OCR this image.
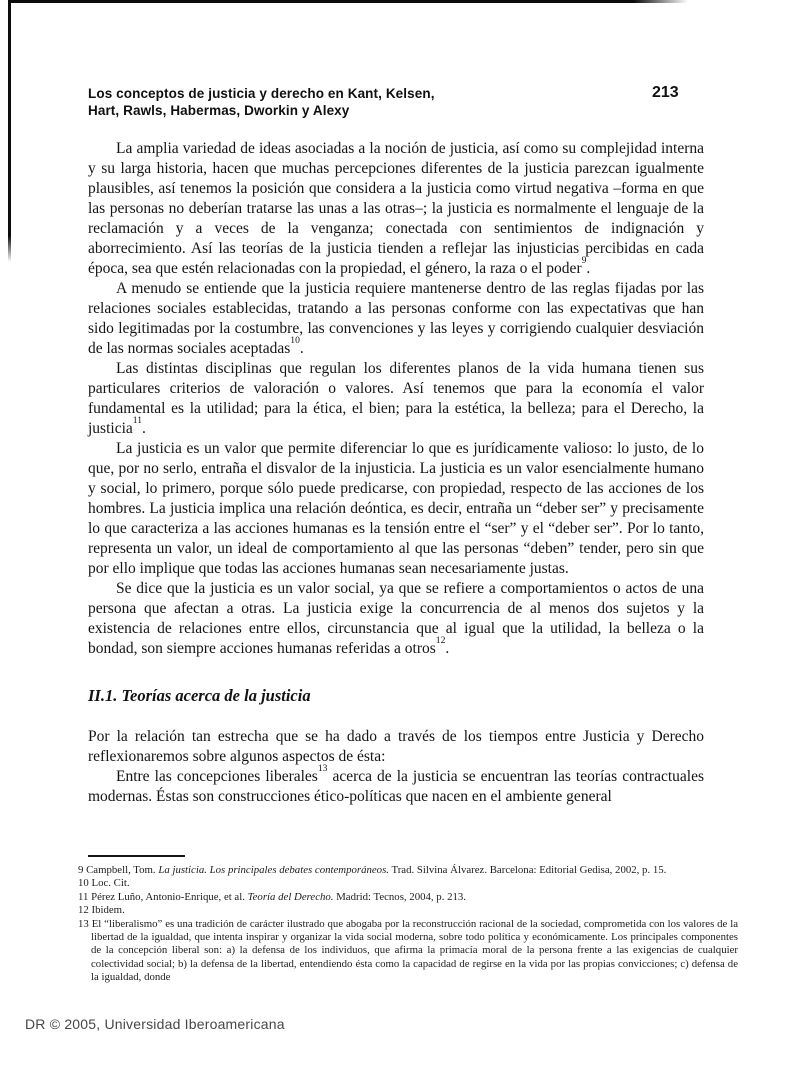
Los conceptos de justicia y derecho en Kant, Kelsen,
Hart, Rawls, Habermas, Dworkin y Alexy
213

La amplia variedad de ideas asociadas a la noción de justicia, así como su complejidad interna y su larga historia, hacen que muchas percepciones diferentes de la justicia parezcan igualmente plausibles, así tenemos la posición que considera a la justicia como virtud negativa –forma en que las personas no deberían tratarse las unas a las otras–; la justicia es normalmente el lenguaje de la reclamación y a veces de la venganza; conectada con sentimientos de indignación y aborrecimiento. Así las teorías de la justicia tienden a reflejar las injusticias percibidas en cada época, sea que estén relacionadas con la propiedad, el género, la raza o el poder$^9$.

A menudo se entiende que la justicia requiere mantenerse dentro de las reglas fijadas por las relaciones sociales establecidas, tratando a las personas conforme con las expectativas que han sido legitimadas por la costumbre, las convenciones y las leyes y corrigiendo cualquier desviación de las normas sociales aceptadas$^{10}$.

Las distintas disciplinas que regulan los diferentes planos de la vida humana tienen sus particulares criterios de valoración o valores. Así tenemos que para la economía el valor fundamental es la utilidad; para la ética, el bien; para la estética, la belleza; para el Derecho, la justicia$^{11}$.

La justicia es un valor que permite diferenciar lo que es jurídicamente valioso: lo justo, de lo que, por no serlo, entraña el disvalor de la injusticia. La justicia es un valor esencialmente humano y social, lo primero, porque sólo puede predicarse, con propiedad, respecto de las acciones de los hombres. La justicia implica una relación deóntica, es decir, entraña un “deber ser” y precisamente lo que caracteriza a las acciones humanas es la tensión entre el “ser” y el “deber ser”. Por lo tanto, representa un valor, un ideal de comportamiento al que las personas “deben” tender, pero sin que por ello implique que todas las acciones humanas sean necesariamente justas.

Se dice que la justicia es un valor social, ya que se refiere a comportamientos o actos de una persona que afectan a otras. La justicia exige la concurrencia de al menos dos sujetos y la existencia de relaciones entre ellos, circunstancia que al igual que la utilidad, la belleza o la bondad, son siempre acciones humanas referidas a otros$^{12}$.

II.1. Teorías acerca de la justicia

Por la relación tan estrecha que se ha dado a través de los tiempos entre Justicia y Derecho reflexionaremos sobre algunos aspectos de ésta:

Entre las concepciones liberales$^{13}$ acerca de la justicia se encuentran las teorías contractuales modernas. Éstas son construcciones ético-políticas que nacen en el ambiente general

9 Campbell, Tom. La justicia. Los principales debates contemporáneos. Trad. Silvina Álvarez. Barcelona: Editorial Gedisa, 2002, p. 15.
10 Loc. Cit.
11 Pérez Luño, Antonio-Enrique, et al. Teoría del Derecho. Madrid: Tecnos, 2004, p. 213.
12 Ibidem.
13 El “liberalismo” es una tradición de carácter ilustrado que abogaba por la reconstrucción racional de la sociedad, comprometida con los valores de la libertad de la igualdad, que intenta inspirar y organizar la vida social moderna, sobre todo política y económicamente. Los principales componentes de la concepción liberal son: a) la defensa de los individuos, que afirma la primacía moral de la persona frente a las exigencias de cualquier colectividad social; b) la defensa de la libertad, entendiendo ésta como la capacidad de regirse en la vida por las propias convicciones; c) defensa de la igualdad, donde
DR © 2005, Universidad Iberoamericana
